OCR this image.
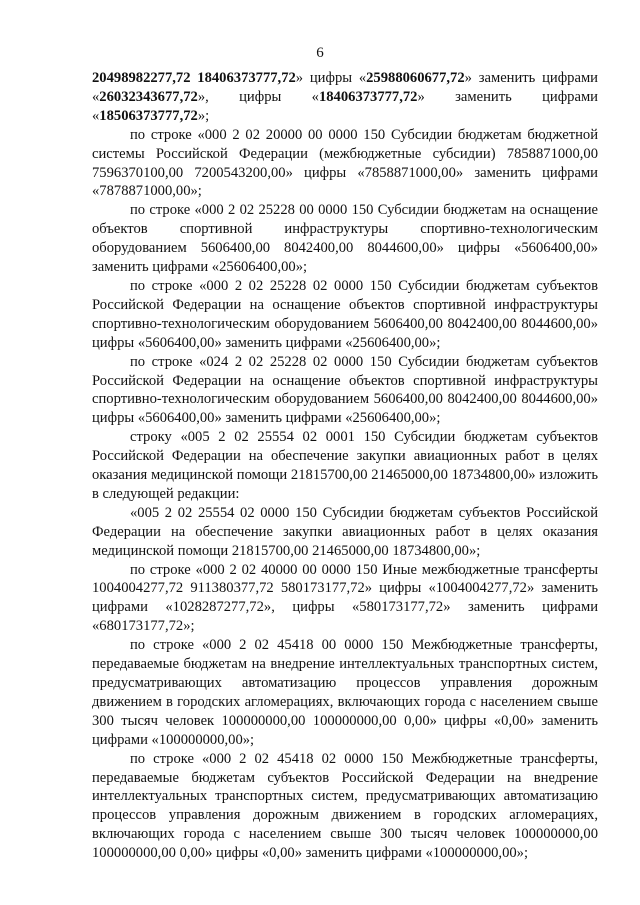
6

20498982277,72 18406373777,72» цифры «25988060677,72» заменить цифрами «26032343677,72», цифры «18406373777,72» заменить цифрами «18506373777,72»;

по строке «000 2 02 20000 00 0000 150 Субсидии бюджетам бюджетной системы Российской Федерации (межбюджетные субсидии) 7858871000,00 7596370100,00 7200543200,00» цифры «7858871000,00» заменить цифрами «7878871000,00»;

по строке «000 2 02 25228 00 0000 150 Субсидии бюджетам на оснащение объектов спортивной инфраструктуры спортивно-технологическим оборудованием 5606400,00 8042400,00 8044600,00» цифры «5606400,00» заменить цифрами «25606400,00»;

по строке «000 2 02 25228 02 0000 150 Субсидии бюджетам субъектов Российской Федерации на оснащение объектов спортивной инфраструктуры спортивно-технологическим оборудованием 5606400,00 8042400,00 8044600,00» цифры «5606400,00» заменить цифрами «25606400,00»;

по строке «024 2 02 25228 02 0000 150 Субсидии бюджетам субъектов Российской Федерации на оснащение объектов спортивной инфраструктуры спортивно-технологическим оборудованием 5606400,00 8042400,00 8044600,00» цифры «5606400,00» заменить цифрами «25606400,00»;

строку «005 2 02 25554 02 0001 150 Субсидии бюджетам субъектов Российской Федерации на обеспечение закупки авиационных работ в целях оказания медицинской помощи 21815700,00 21465000,00 18734800,00» изложить в следующей редакции:

«005 2 02 25554 02 0000 150 Субсидии бюджетам субъектов Российской Федерации на обеспечение закупки авиационных работ в целях оказания медицинской помощи 21815700,00 21465000,00 18734800,00»;

по строке «000 2 02 40000 00 0000 150 Иные межбюджетные трансферты 1004004277,72 911380377,72 580173177,72» цифры «1004004277,72» заменить цифрами «1028287277,72», цифры «580173177,72» заменить цифрами «680173177,72»;

по строке «000 2 02 45418 00 0000 150 Межбюджетные трансферты, передаваемые бюджетам на внедрение интеллектуальных транспортных систем, предусматривающих автоматизацию процессов управления дорожным движением в городских агломерациях, включающих города с населением свыше 300 тысяч человек 100000000,00 100000000,00 0,00» цифры «0,00» заменить цифрами «100000000,00»;

по строке «000 2 02 45418 02 0000 150 Межбюджетные трансферты, передаваемые бюджетам субъектов Российской Федерации на внедрение интеллектуальных транспортных систем, предусматривающих автоматизацию процессов управления дорожным движением в городских агломерациях, включающих города с населением свыше 300 тысяч человек 100000000,00 100000000,00 0,00» цифры «0,00» заменить цифрами «100000000,00»;
